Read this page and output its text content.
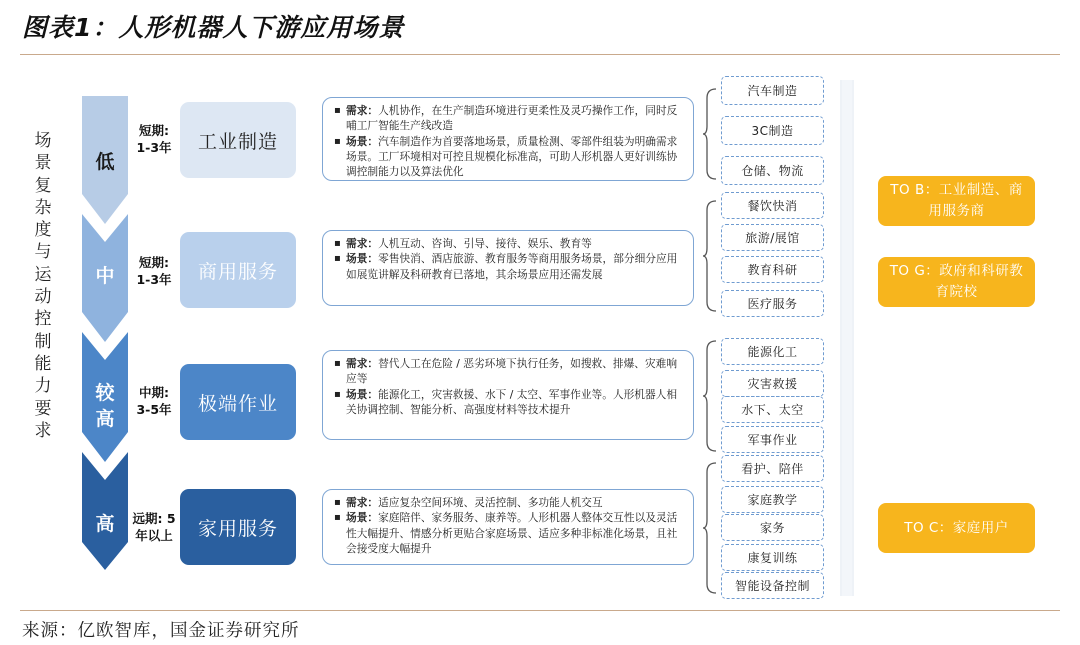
图表1：人形机器人下游应用场景
场景复杂度与运动控制能力要求
低
短期:
1-3年	工业制造
▪ 需求：人机协作，在生产制造环境进行更柔性及灵巧操作工作，同时反哺工厂智能生产线改造
▪ 场景：汽车制造作为首要落地场景，质量检测、零部件组装为明确需求场景。工厂环境相对可控且规模化标准高，可助人形机器人更好训练协调控制能力以及算法优化
汽车制造
3C制造
仓储、物流
中
短期:
1-3年	商用服务
▪ 需求：人机互动、咨询、引导、接待、娱乐、教育等
▪ 场景：零售快消、酒店旅游、教育服务等商用服务场景，部分细分应用如展览讲解及科研教育已落地，其余场景应用还需发展
餐饮快消
旅游/展馆
教育科研
医疗服务
较高
中期:
3-5年	极端作业
▪ 需求：替代人工在危险 / 恶劣环境下执行任务，如搜救、排爆、灾难响应等
▪ 场景：能源化工，灾害救援、水下 / 太空、军事作业等。人形机器人相关协调控制、智能分析、高强度材料等技术提升
能源化工
灾害救援
水下、太空
军事作业
高	远期: 5
年以上	家用服务
▪ 需求：适应复杂空间环境、灵活控制、多功能人机交互
▪ 场景：家庭陪伴、家务服务、康养等。人形机器人整体交互性以及灵活性大幅提升、情感分析更贴合家庭场景、适应多种非标准化场景，且社会接受度大幅提升
看护、陪伴
家庭教学
家务
康复训练
智能设备控制
TO B：工业制造、商用服务商
TO G：政府和科研教育院校
TO C：家庭用户
来源：亿欧智库，国金证券研究所
